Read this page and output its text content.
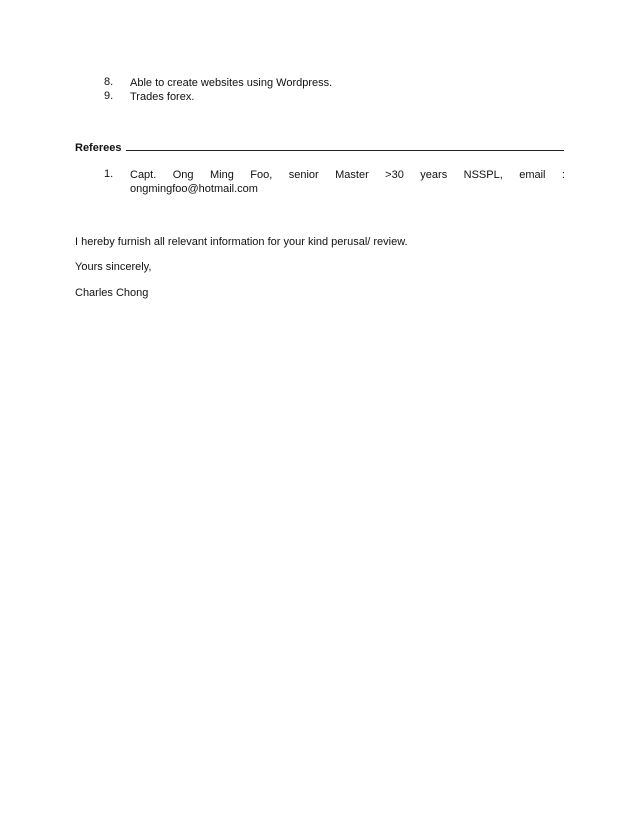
8.	Able to create websites using Wordpress.
9.	Trades forex.
Referees
1.	Capt. Ong Ming Foo, senior Master >30 years NSSPL, email :
ongmingfoo@hotmail.com
I hereby furnish all relevant information for your kind perusal/ review.
Yours sincerely,
Charles Chong
